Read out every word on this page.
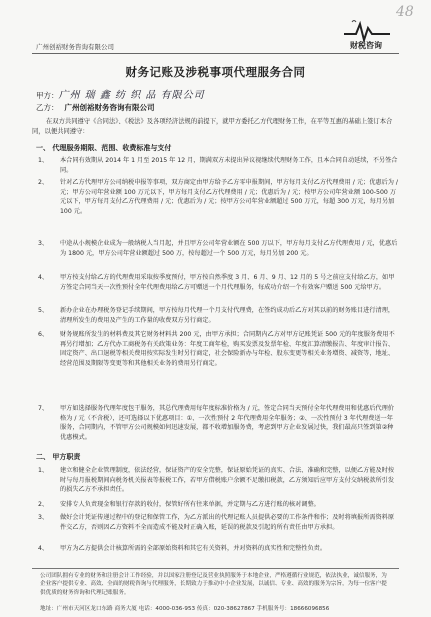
48
广州创裕财务咨询有限公司	财税咨询
财务记账及涉税事项代理服务合同
甲方：广州 瑞 鑫 纺 织 品 有限公司
乙方： 广州创裕财务咨询有限公司
在双方共同遵守《合同法》、《税法》及各项经济法规的前提下，就甲方委托乙方代理财务工作，在平等互惠的基础上签订本合同，以便共同遵守：
一、 代理服务期限、范围、收费标准与支付
1、 本合同有效期从 2014 年 1 月至 2015 年 12 月，期满双方未提出异议视继续代理财务工作，且本合同自动延续，不另签合同。
2、 针对乙方代理甲方公司纳税申报等事项，双方商定由甲方给予乙方零申报期间，甲方每月支付乙方代理费用 / 元；优惠后为 / 元；甲方公司年营业额 100 万元以下，甲方每月支付乙方代理费用 / 元；优惠后为 / 元；按甲方公司年营业额 100-500 万元以下，甲方每月支付乙方代理费用 / 元；优惠后为 / 元；按甲方公司年营业额超过 500 万元，每超 300 万元，每月另加 100 元。
3、 中途从小规模企业成为一般纳税人当月起，并且甲方公司年营业额在 500 万以下，甲方每月支付乙方代理费用 / 元，优惠后为 1800 元，甲方公司年营业额超过 500 万，按每超过一个 500 万元，每月另加 200 元。
4、 甲方按支付给乙方的代理费用采取按季度预付，甲方按自然季度 3 月、6 月、9 月、12 月的 5 号之前应支付给乙方，如甲方签定合同当天一次性预付全年代理费用给乙方可赠送一个月代理服务，每成功介绍一个有效客户赠送 500 元给甲方。
5、 新办企业在办理税务登记手续期间，甲方按每月代理一个月支付代理费，在签约成功后乙方对其以前的财务账目进行清理，清理所发生的费用及产生的工作量的收费双方另行商定。
6、 财务规账所发生的材料费及其它财务材料共 200 元，由甲方承担；合同期内乙方对甲方记账凭证 500 元的年度服务费用不再另行增加；乙方代办工商税务有关政策业务：年度工商年检，购买发票及发票年检、年度汇算清缴报告、年度审计报告、固定资产、出口退税等相关费用按实际发生时另行商定，社会保险新办与年检、股东变更等相关业务增资、减资等，地址、经营范围及期限等变更等和其他相关业务的费用另行商定。
7、 甲方如选择服务代理年度包干服务，其总代理费用每年度标准价格为 / 元，签定合同当天预付全年代理费用和优惠后代理价格为 / 元（不含税），还可选择以下优惠项目：①、一次性预付 2 年代理费用全年服务；②、一次性预付 3 年代理费送一年服务，合同期内，不管甲方公司规模如何迅速发展，都不收增加服务费，考虑到甲方企业发展过快，我们最高只签到第②种优惠模式。
二、 甲方职责
1、 建立和健全企业管理制度，依法经营，保证资产的安全完整，保证原始凭证的真实、合法、准确和完整，以便乙方能及时按时与每月报税期间向税务机关报表等报税工作，若甲方借税账户余额不足缴扣税款，乙方须知后应甲方支付交纳税款所引发的损失乙方不承担责任。
2、 安排专人负责现金和银行存款的收付，保管好所有往来单据，并定期与乙方进行账的核对调整。
3、 做好会计凭证传递过程中的登记和保管工作，为乙方派出的代理记账人员提供必要的工作条件和作；及时将填报所需资料原件交乙方，否则因乙方资料不全而造成不能及时正确入账，延误的税款及引起的所有责任由甲方承担。
4、 甲方为乙方提供会计核算所需的全部原始资料和其它有关资料，并对资料的真实性和完整性负责。
公司团队拥有专业的财务和注册会计工作经验，并以国家注册登记及营业执照服务于本地企业，严格遵循行业规范，依法执业，诚信服务，为企业客户提供专业、高效、全面的财税咨询与代理服务，长期致力于推动中小企业发展，以诚信、专业、高效的服务为宗旨，为每一位客户提供优质的财务咨询和代理记账服务。
地址：广州市天河区龙口东路 商务大厦 电话：4000-036-953 传真：020-38627867 手机服务号：18666096856
